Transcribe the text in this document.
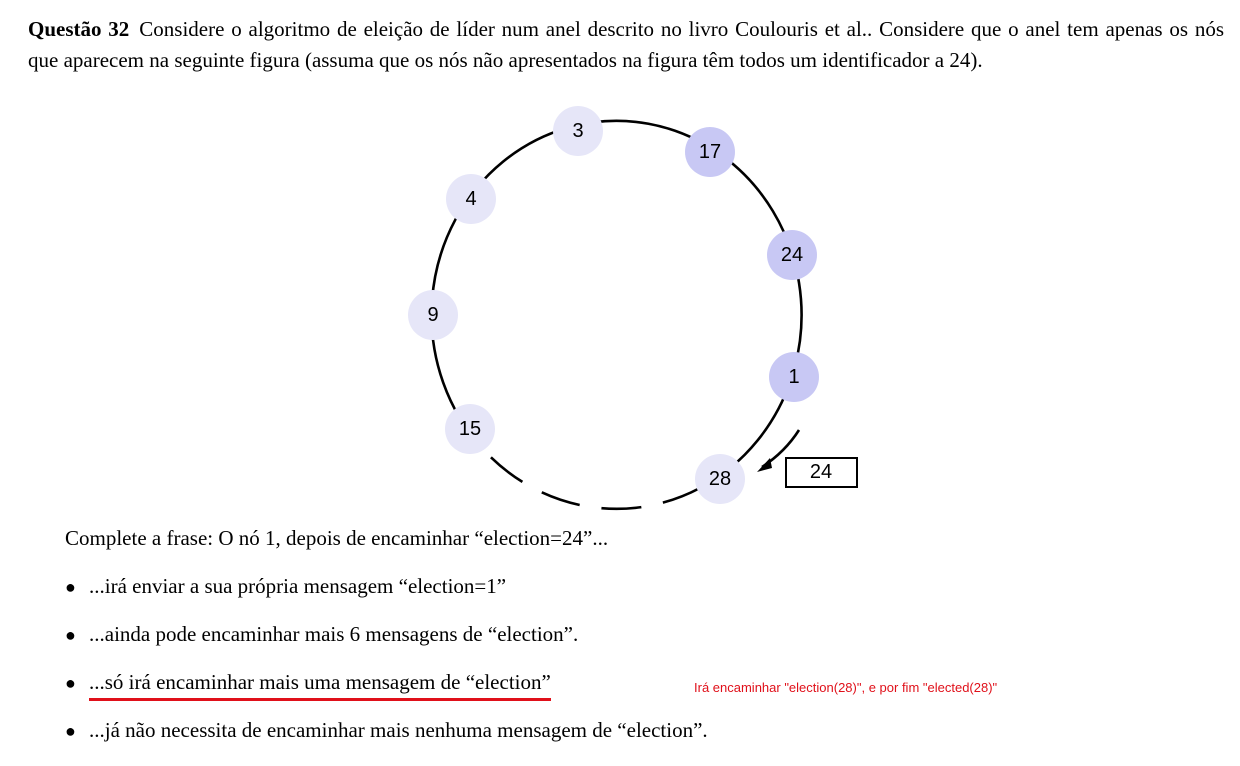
Questão 32 Considere o algoritmo de eleição de líder num anel descrito no livro Coulouris et al.. Considere que o anel tem apenas os nós que aparecem na seguinte figura (assuma que os nós não apresentados na figura têm todos um identificador a 24).
3
17
24
1
28
15
9
4
24
Complete a frase: O nó 1, depois de encaminhar “election=24”...
● ...irá enviar a sua própria mensagem “election=1”
● ...ainda pode encaminhar mais 6 mensagens de “election”.
● ...só irá encaminhar mais uma mensagem de “election”
● ...já não necessita de encaminhar mais nenhuma mensagem de “election”.
Irá encaminhar "election(28)", e por fim "elected(28)"
